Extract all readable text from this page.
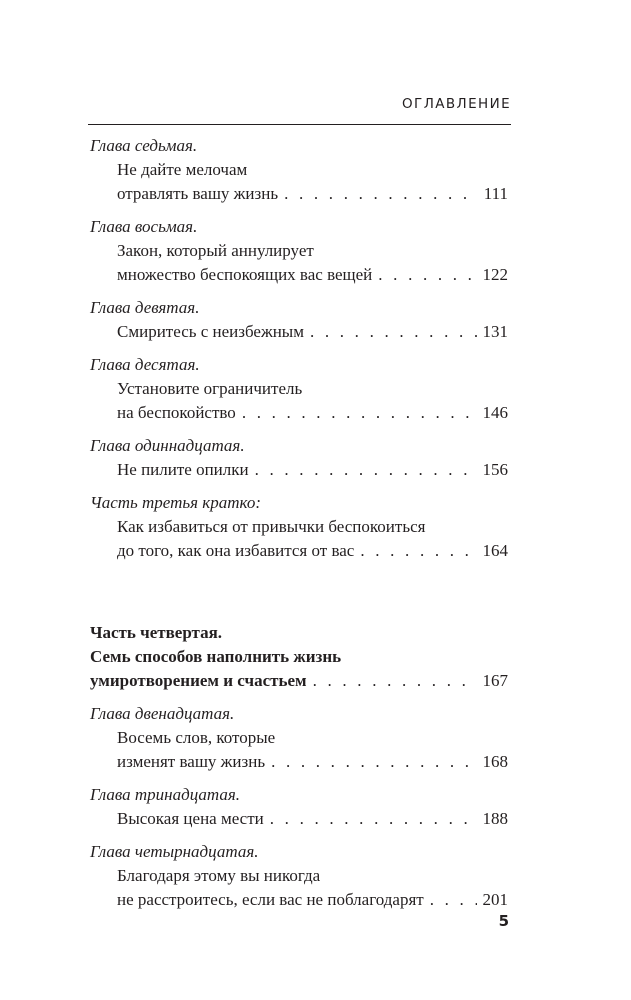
ОГЛАВЛЕНИЕ
Глава седьмая.
Не дайте мелочам
отравлять вашу жизнь . . .	111
Глава восьмая.
Закон, который аннулирует
множество беспокоящих вас вещей . . .	122
Глава девятая.
Смиритесь с неизбежным . . .	131
Глава десятая.
Установите ограничитель
на беспокойство . . .	146
Глава одиннадцатая.
Не пилите опилки . . .	156
Часть третья кратко:
Как избавиться от привычки беспокоиться
до того, как она избавится от вас . . .	164
Часть четвертая.
Семь способов наполнить жизнь
умиротворением и счастьем . . .	167
Глава двенадцатая.
Восемь слов, которые
изменят вашу жизнь . . .	168
Глава тринадцатая.
Высокая цена мести . . .	188
Глава четырнадцатая.
Благодаря этому вы никогда
не расстроитесь, если вас не поблагодарят . . .	201
5
